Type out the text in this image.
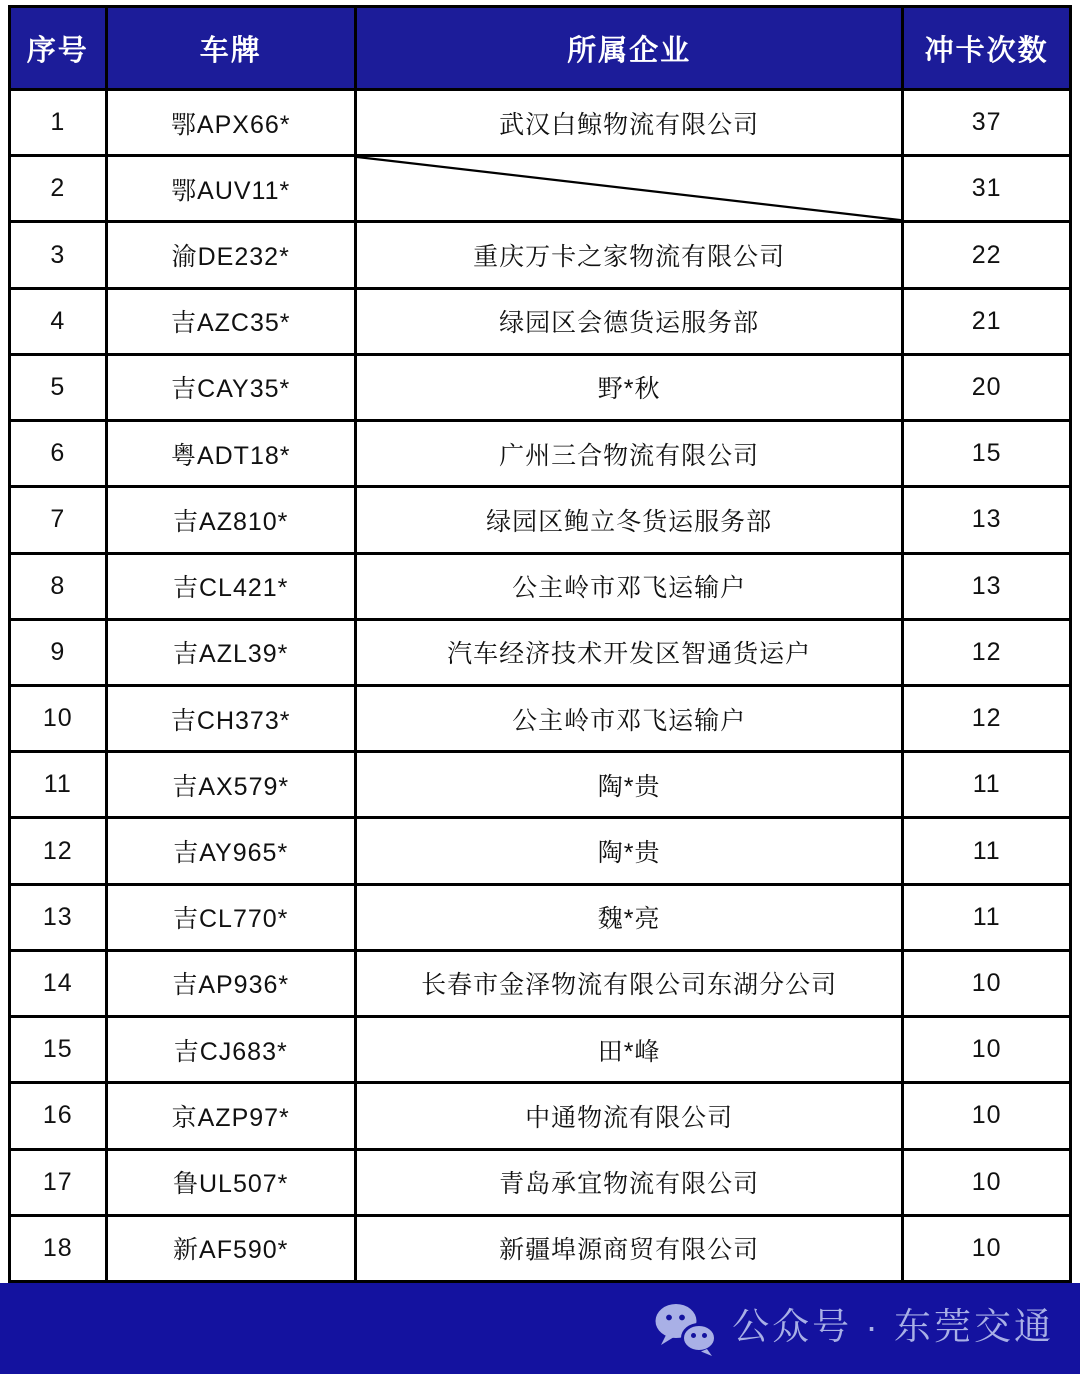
序号	车牌	所属企业	冲卡次数
1	鄂APX66*	武汉白鲸物流有限公司	37
2	鄂AUV11*		31
3	渝DE232*	重庆万卡之家物流有限公司	22
4	吉AZC35*	绿园区会德货运服务部	21
5	吉CAY35*	野*秋	20
6	粤ADT18*	广州三合物流有限公司	15
7	吉AZ810*	绿园区鲍立冬货运服务部	13
8	吉CL421*	公主岭市邓飞运输户	13
9	吉AZL39*	汽车经济技术开发区智通货运户	12
10	吉CH373*	公主岭市邓飞运输户	12
11	吉AX579*	陶*贵	11
12	吉AY965*	陶*贵	11
13	吉CL770*	魏*亮	11
14	吉AP936*	长春市金泽物流有限公司东湖分公司	10
15	吉CJ683*	田*峰	10
16	京AZP97*	中通物流有限公司	10
17	鲁UL507*	青岛承宜物流有限公司	10
18	新AF590*	新疆埠源商贸有限公司	10
公众号 · 东莞交通
